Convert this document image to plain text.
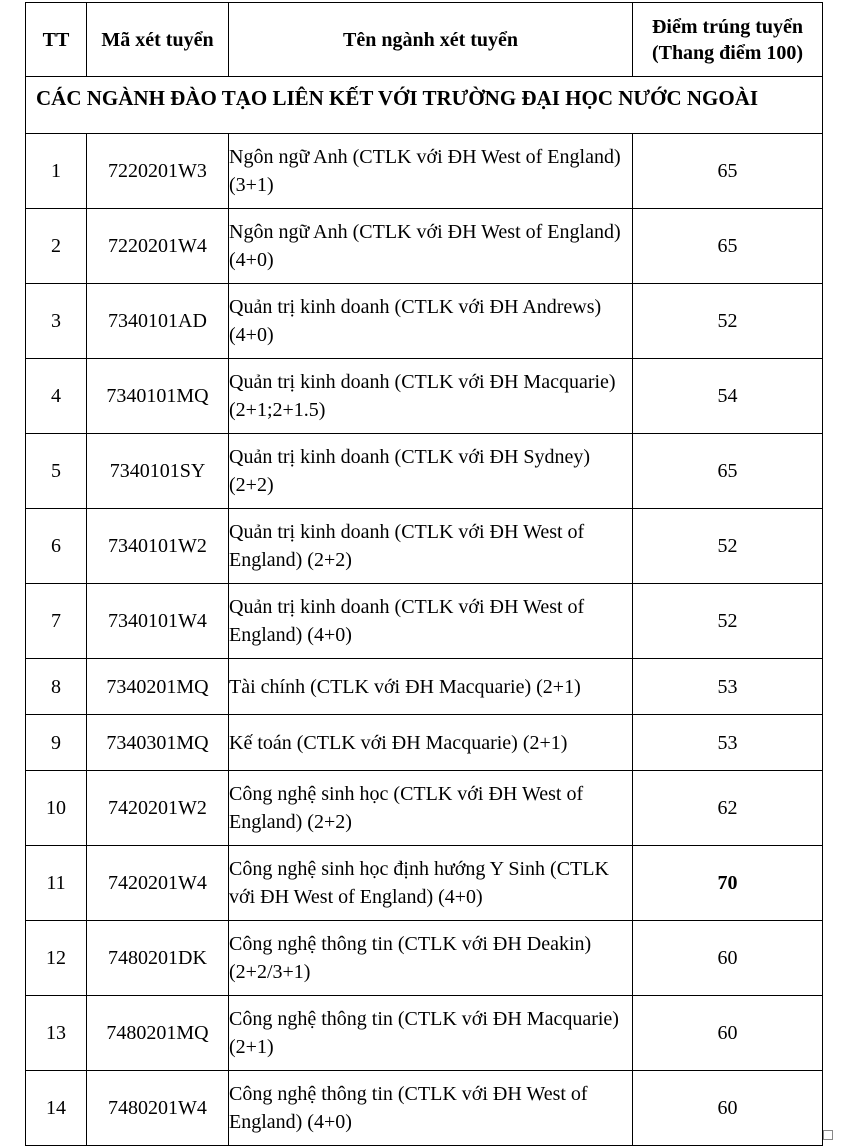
TT	Mã xét tuyển	Tên ngành xét tuyển	Điểm trúng tuyển
(Thang điểm 100)
CÁC NGÀNH ĐÀO TẠO LIÊN KẾT VỚI TRƯỜNG ĐẠI HỌC NƯỚC NGOÀI			
1	7220201W3	Ngôn ngữ Anh (CTLK với ĐH West of England) (3+1)	65
2	7220201W4	Ngôn ngữ Anh (CTLK với ĐH West of England) (4+0)	65
3	7340101AD	Quản trị kinh doanh (CTLK với ĐH Andrews) (4+0)	52
4	7340101MQ	Quản trị kinh doanh (CTLK với ĐH Macquarie) (2+1;2+1.5)	54
5	7340101SY	Quản trị kinh doanh (CTLK với ĐH Sydney) (2+2)	65
6	7340101W2	Quản trị kinh doanh (CTLK với ĐH West of England) (2+2)	52
7	7340101W4	Quản trị kinh doanh (CTLK với ĐH West of England) (4+0)	52
8	7340201MQ	Tài chính (CTLK với ĐH Macquarie) (2+1)	53
9	7340301MQ	Kế toán (CTLK với ĐH Macquarie) (2+1)	53
10	7420201W2	Công nghệ sinh học (CTLK với ĐH West of England) (2+2)	62
11	7420201W4	Công nghệ sinh học định hướng Y Sinh (CTLK với ĐH West of England) (4+0)	70
12	7480201DK	Công nghệ thông tin (CTLK với ĐH Deakin) (2+2/3+1)	60
13	7480201MQ	Công nghệ thông tin (CTLK với ĐH Macquarie) (2+1)	60
14	7480201W4	Công nghệ thông tin (CTLK với ĐH West of England) (4+0)	60
